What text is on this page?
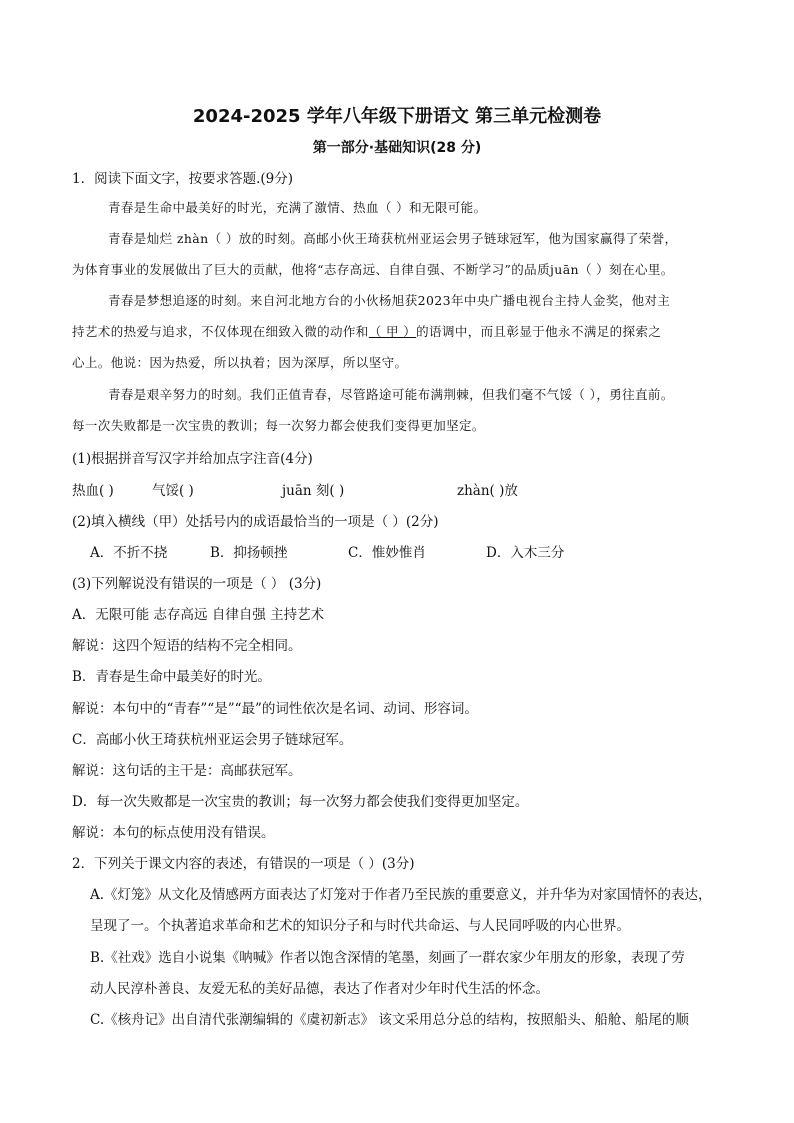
2024-2025 学年八年级下册语文 第三单元检测卷
第一部分·基础知识(28 分)
1．阅读下面文字，按要求答题.(9分)
青春是生命中最美好的时光，充满了激情、热血（ ）和无限可能。
青春是灿烂 zhàn（ ）放的时刻。高邮小伙王琦获杭州亚运会男子链球冠军，他为国家赢得了荣誉，
为体育事业的发展做出了巨大的贡献，他将“志存高远、自律自强、不断学习”的品质juān（ ）刻在心里。
青春是梦想追逐的时刻。来自河北地方台的小伙杨旭获2023年中央广播电视台主持人金奖，他对主
持艺术的热爱与追求，不仅体现在细致入微的动作和（ 甲 ）的语调中，而且彰显于他永不满足的探索之
心上。他说：因为热爱，所以执着；因为深厚，所以坚守。
青春是艰辛努力的时刻。我们正值青春，尽管路途可能布满荆棘，但我们毫不气馁（ ），勇往直前。
每一次失败都是一次宝贵的教训；每一次努力都会使我们变得更加坚定。
(1)根据拼音写汉字并给加点字注音(4分)
热血( )	气馁( )	juān 刻( )	zhàn( )放
(2)填入横线（甲）处括号内的成语最恰当的一项是（ ）(2分)
A．不折不挠	B．抑扬顿挫	C．惟妙惟肖	D．入木三分
(3)下列解说没有错误的一项是（ ） (3分)
A．无限可能 志存高远 自律自强 主持艺术
解说：这四个短语的结构不完全相同。
B．青春是生命中最美好的时光。
解说：本句中的“青春”“是”“最”的词性依次是名词、动词、形容词。
C．高邮小伙王琦获杭州亚运会男子链球冠军。
解说：这句话的主干是：高邮获冠军。
D．每一次失败都是一次宝贵的教训；每一次努力都会使我们变得更加坚定。
解说：本句的标点使用没有错误。
2．下列关于课文内容的表述，有错误的一项是（ ）(3分)
A.《灯笼》从文化及情感两方面表达了灯笼对于作者乃至民族的重要意义，并升华为对家国情怀的表达，
呈现了一。个执著追求革命和艺术的知识分子和与时代共命运、与人民同呼吸的内心世界。
B.《社戏》选自小说集《呐喊》作者以饱含深情的笔墨，刻画了一群农家少年朋友的形象，表现了劳
动人民淳朴善良、友爱无私的美好品德，表达了作者对少年时代生活的怀念。
C.《核舟记》出自清代张潮编辑的《虞初新志》 该文采用总分总的结构，按照船头、船舱、船尾的顺
